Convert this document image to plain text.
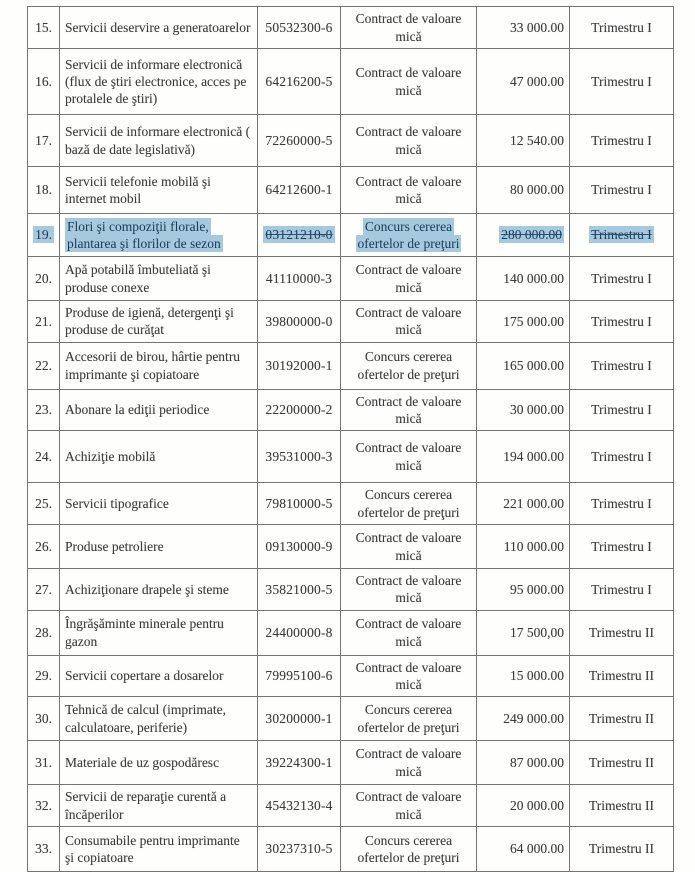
15.	Servicii deservire a generatoarelor	50532300-6	Contract de valoare mică	33 000.00	Trimestru I
16.	Servicii de informare electronică (flux de ştiri electronice, acces pe protalele de ştiri)	64216200-5	Contract de valoare mică	47 000.00	Trimestru I
17.	Servicii de informare electronică ( bază de date legislativă)	72260000-5	Contract de valoare mică	12 540.00	Trimestru I
18.	Servicii telefonie mobilă şi internet mobil	64212600-1	Contract de valoare mică	80 000.00	Trimestru I
19.	Flori şi compoziţii florale, plantarea şi florilor de sezon	03121210-0	Concurs cererea ofertelor de preţuri	280 000.00	Trimestru I
20.	Apă potabilă îmbuteliată şi produse conexe	41110000-3	Contract de valoare mică	140 000.00	Trimestru I
21.	Produse de igienă, detergenţi şi produse de curăţat	39800000-0	Contract de valoare mică	175 000.00	Trimestru I
22.	Accesorii de birou, hârtie pentru imprimante şi copiatoare	30192000-1	Concurs cererea ofertelor de preţuri	165 000.00	Trimestru I
23.	Abonare la ediţii periodice	22200000-2	Contract de valoare mică	30 000.00	Trimestru I
24.	Achiziţie mobilă	39531000-3	Contract de valoare mică	194 000.00	Trimestru I
25.	Servicii tipografice	79810000-5	Concurs cererea ofertelor de preţuri	221 000.00	Trimestru I
26.	Produse petroliere	09130000-9	Contract de valoare mică	110 000.00	Trimestru I
27.	Achiziţionare drapele şi steme	35821000-5	Contract de valoare mică	95 000.00	Trimestru I
28.	Îngrăşăminte minerale pentru gazon	24400000-8	Contract de valoare mică	17 500,00	Trimestru II
29.	Servicii copertare a dosarelor	79995100-6	Contract de valoare mică	15 000.00	Trimestru II
30.	Tehnică de calcul (imprimate, calculatoare, periferie)	30200000-1	Concurs cererea ofertelor de preţuri	249 000.00	Trimestru II
31.	Materiale de uz gospodăresc	39224300-1	Contract de valoare mică	87 000.00	Trimestru II
32.	Servicii de reparaţie curentă a încăperilor	45432130-4	Contract de valoare mică	20 000.00	Trimestru II
33.	Consumabile pentru imprimante şi copiatoare	30237310-5	Concurs cererea ofertelor de preţuri	64 000.00	Trimestru II
